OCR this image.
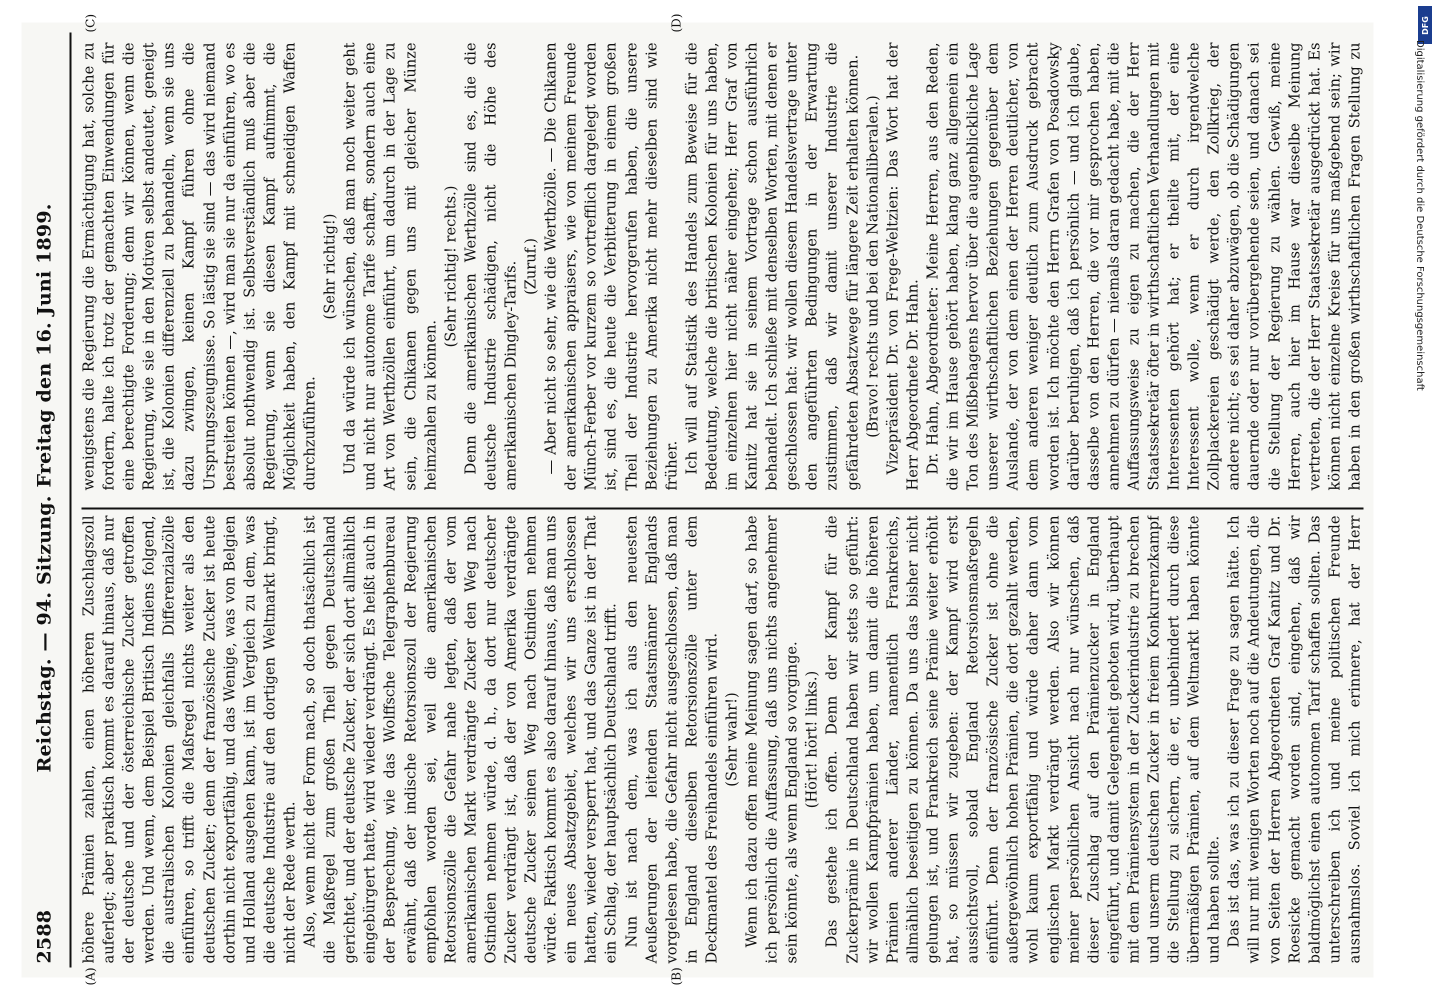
2588
Reichstag. — 94. Sitzung.
Freitag den 16. Juni 1899.
(A)	(B)
(C)	(D)

höhere Prämien zahlen, einen höheren Zuschlagszoll auferlegt; aber praktisch kommt es darauf hinaus, daß nur der deutsche und der österreichische Zucker getroffen werden. Und wenn, dem Beispiel Britisch Indiens folgend, die australischen Kolonien gleichfalls Differenzialzölle einführen, so trifft die Maßregel nichts weiter als den deutschen Zucker; denn der französische Zucker ist heute dorthin nicht exportfähig, und das Wenige, was von Belgien und Holland ausgehen kann, ist im Vergleich zu dem, was die deutsche Industrie auf den dortigen Weltmarkt bringt, nicht der Rede werth. Also, wenn nicht der Form nach, so doch thatsächlich ist die Maßregel zum großen Theil gegen Deutschland gerichtet, und der deutsche Zucker, der sich dort allmählich eingebürgert hatte, wird wieder verdrängt. Es heißt auch in der Besprechung, wie das Wolffsche Telegraphenbureau erwähnt, daß der indische Retorsionszoll der Regierung empfohlen worden sei, weil die amerikanischen Retorsionszölle die Gefahr nahe legten, daß der vom amerikanischen Markt verdrängte Zucker den Weg nach Ostindien nehmen würde, d. h., da dort nur deutscher Zucker verdrängt ist, daß der von Amerika verdrängte deutsche Zucker seinen Weg nach Ostindien nehmen würde. Faktisch kommt es also darauf hinaus, daß man uns ein neues Absatzgebiet, welches wir uns erschlossen hatten, wieder versperrt hat, und das Ganze ist in der That ein Schlag, der hauptsächlich Deutschland trifft. Nun ist nach dem, was ich aus den neuesten Aeußerungen der leitenden Staatsmänner Englands vorgelesen habe, die Gefahr nicht ausgeschlossen, daß man in England dieselben Retorsionszölle unter dem Deckmantel des Freihandels einführen wird. (Sehr wahr!) Wenn ich dazu offen meine Meinung sagen darf, so habe ich persönlich die Auffassung, daß uns nichts angenehmer sein könnte, als wenn England so vorginge. (Hört! hört! links.) Das gestehe ich offen. Denn der Kampf für die Zuckerprämie in Deutschland haben wir stets so geführt: wir wollen Kampfprämien haben, um damit die höheren Prämien anderer Länder, namentlich Frankreichs, allmählich beseitigen zu können. Da uns das bisher nicht gelungen ist, und Frankreich seine Prämie weiter erhöht hat, so müssen wir zugeben: der Kampf wird erst aussichtsvoll, sobald England Retorsionsmaßregeln einführt. Denn der französische Zucker ist ohne die außergewöhnlich hohen Prämien, die dort gezahlt werden, wohl kaum exportfähig und würde daher dann vom englischen Markt verdrängt werden. Also wir können meiner persönlichen Ansicht nach nur wünschen, daß dieser Zuschlag auf den Prämienzucker in England eingeführt, und damit Gelegenheit geboten wird, überhaupt mit dem Prämiensystem in der Zuckerindustrie zu brechen und unserm deutschen Zucker in freiem Konkurrenzkampf die Stellung zu sichern, die er, unbehindert durch diese übermäßigen Prämien, auf dem Weltmarkt haben könnte und haben sollte. Das ist das, was ich zu dieser Frage zu sagen hätte. Ich will nur mit wenigen Worten noch auf die Andeutungen, die von Seiten der Herren Abgeordneten Graf Kanitz und Dr. Roesicke gemacht worden sind, eingehen, daß wir baldmöglichst einen autonomen Tarif schaffen sollten. Das unterschreiben ich und meine politischen Freunde ausnahmslos. Soviel ich mich erinnere, hat der Herr

wenigstens die Regierung die Ermächtigung hat, solche zu fordern, halte ich trotz der gemachten Einwendungen für eine berechtigte Forderung; denn wir können, wenn die Regierung, wie sie in den Motiven selbst andeutet, geneigt ist, die Kolonien differenziell zu behandeln, wenn sie uns dazu zwingen, keinen Kampf führen ohne die Ursprungszeugnisse. So lästig sie sind — das wird niemand bestreiten können —, wird man sie nur da einführen, wo es absolut nothwendig ist. Selbstverständlich muß aber die Regierung, wenn sie diesen Kampf aufnimmt, die Möglichkeit haben, den Kampf mit schneidigen Waffen durchzuführen.

(Sehr richtig!) Und da würde ich wünschen, daß man noch weiter geht und nicht nur autonome Tarife schafft, sondern auch eine Art von Werthzöllen einführt, um dadurch in der Lage zu sein, die Chikanen gegen uns mit gleicher Münze heimzahlen zu können.

(Sehr richtig! rechts.) Denn die amerikanischen Werthzölle sind es, die die deutsche Industrie schädigen, nicht die Höhe des amerikanischen Dingley-Tarifs. (Zuruf.) — Aber nicht so sehr, wie die Werthzölle. — Die Chikanen der amerikanischen appraisers, wie von meinem Freunde Münch-Ferber vor kurzem so vortrefflich dargelegt worden ist, sind es, die heute die Verbitterung in einem großen Theil der Industrie hervorgerufen haben, die unsere Beziehungen zu Amerika nicht mehr dieselben sind wie früher. Ich will auf Statistik des Handels zum Beweise für die Bedeutung, welche die britischen Kolonien für uns haben, im einzelnen hier nicht näher eingehen; Herr Graf von Kanitz hat sie in seinem Vortrage schon ausführlich behandelt. Ich schließe mit denselben Worten, mit denen er geschlossen hat: wir wollen diesem Handelsvertrage unter den angeführten Bedingungen in der Erwartung zustimmen, daß wir damit unserer Industrie die gefährdeten Absatzwege für längere Zeit erhalten können. (Bravo! rechts und bei den Nationalliberalen.) Vizepräsident Dr. von Frege-Weltzien: Das Wort hat der Herr Abgeordnete Dr. Hahn. Dr. Hahn, Abgeordneter: Meine Herren, aus den Reden, die wir im Hause gehört haben, klang ganz allgemein ein Ton des Mißbehagens hervor über die augenblickliche Lage unserer wirthschaftlichen Beziehungen gegenüber dem Auslande, der von dem einen der Herren deutlicher, von dem anderen weniger deutlich zum Ausdruck gebracht worden ist. Ich möchte den Herrn Grafen von Posadowsky darüber beruhigen, daß ich persönlich — und ich glaube, dasselbe von den Herren, die vor mir gesprochen haben, annehmen zu dürfen — niemals daran gedacht habe, mit die Auffassungsweise zu eigen zu machen, die der Herr Staatssekretär öfter in wirthschaftlichen Verhandlungen mit Interessenten gehört hat; er theilte mit, der eine Interessent wolle, wenn er durch irgendwelche Zollplackereien geschädigt werde, den Zollkrieg, der andere nicht; es sei daher abzuwägen, ob die Schädigungen dauernde oder nur vorübergehende seien, und danach sei die Stellung der Regierung zu wählen. Gewiß, meine Herren, auch hier im Hause war dieselbe Meinung vertreten, die der Herr Staatssekretär ausgedrückt hat. Es können nicht einzelne Kreise für uns maßgebend sein; wir haben in den großen wirthschaftlichen Fragen Stellung zu

DFG
Digitalisierung gefördert durch die Deutsche Forschungsgemeinschaft
